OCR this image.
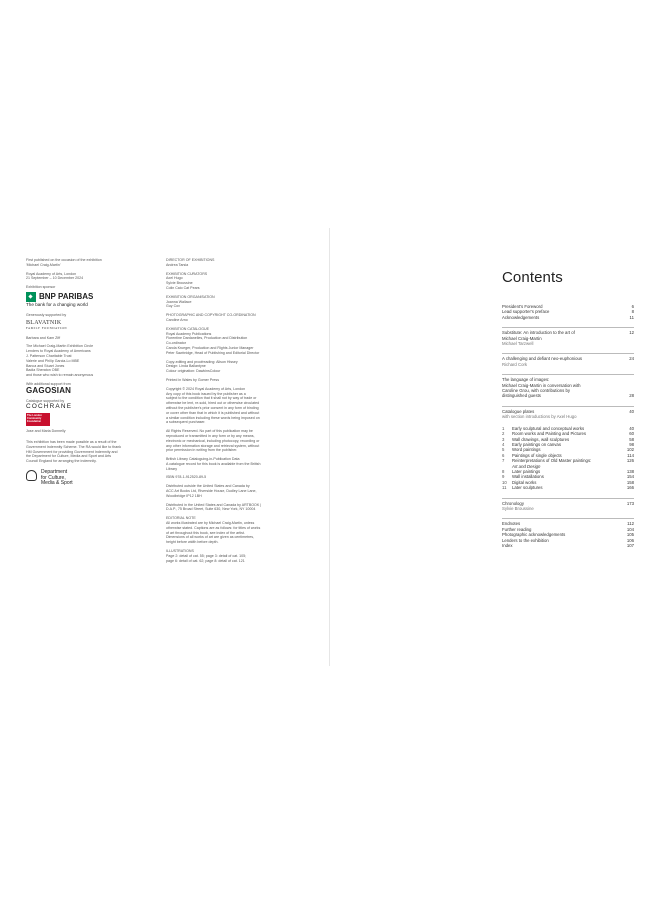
First published on the occasion of the exhibition

'Michael Craig-Martin'

Royal Academy of Arts, London

21 September – 10 December 2024

Exhibition sponsor

BNP PARIBAS
The bank for a changing world

Generously supported by

BLAVATNIK
FAMILY FOUNDATION

Barbara and Kam Ziff

The Michael Craig-Martin Exhibition Circle

Lenders to Royal Academy of Americans

J. Patterson Charitable Trust

Valerie and Philip Garcia-Lo MBE

Banca and Stuart Jones

Badia Sheraton OBE

and those who wish to remain anonymous

With additional support from

GAGOSIAN

Catalogue supported by

COCHRANE
The London Community Foundation

Jose and Maria Donnelly

This exhibition has been made possible as a result of the

Government Indemnity Scheme. The RA would like to thank

HM Government for providing Government Indemnity and

the Department for Culture, Media and Sport and Arts

Council England for arranging the indemnity.

Department

for Culture,

Media & Sport

DIRECTOR OF EXHIBITIONS

Andrea Tarsia

EXHIBITION CURATORS

Axel Hugo

Sylvie Broussine

Colin Caio Cat Pears

EXHIBITION ORGANISATION

Joanna Wallace

Guy Cox

PHOTOGRAPHIC AND COPYRIGHT CO-ORDINATION

Caroline Arno

EXHIBITION CATALOGUE

Royal Academy Publications

Florentine Dardanelles, Production and Distribution

Co-ordinator

Carola Krueger, Production and Rights Junior Manager

Peter Sawbridge, Head of Publishing and Editorial Director

Copy-editing and proofreading: Alison Hissey

Design: Linda Ballantyne

Colour origination: DawkinsColour

Printed in Wales by Gomer Press

Copyright © 2024 Royal Academy of Arts, London

Any copy of this book issued by the publisher as a

subject to the condition that it shall not by way of trade or

otherwise be lent, re-sold, hired out or otherwise circulated

without the publisher's prior consent in any form of binding

or cover other than that in which it is published and without

a similar condition including these words being imposed on

a subsequent purchaser.

All Rights Reserved. No part of this publication may be

reproduced or transmitted in any form or by any means,

electronic or mechanical, including photocopy, recording or

any other information storage and retrieval system, without

prior permission in writing from the publisher.

British Library Cataloguing-in-Publication Data

A catalogue record for this book is available from the British

Library

ISBN 978-1-912520-89-5

Distributed outside the United States and Canada by

ACC Art Books Ltd, Riverside House, Dudley Lane Lane,

Woodbridge IP12 1BH

Distributed in the United States and Canada by ARTBOOK |

D.A.P., 75 Broad Street, Suite 630, New York, NY 10004

EDITORIAL NOTE

All works illustrated are by Michael Craig-Martin, unless

otherwise stated. Captions are as follows: for titles of works

of art throughout this book, see index of the artist.

Dimensions of all works of art are given as centimetres,

height before width before depth.

ILLUSTRATIONS

Page 2: detail of cat. 55; page 3: detail of cat. 105;

page 6: detail of cat. 62; page 8: detail of cat. 121

Contents
President's Foreword	6
Lead supporter's preface	8
Acknowledgements	11
Substitute: An introduction to the art of	12
Michael Craig-Martin
Michael Tarzwell
A challenging and defiant neo-euphonious	24
Richard Cork
The language of images:
Michael Craig-Martin in conversation with
Caroline Grou, with contributions by
distinguished guests	28
Catalogue plates	40
with section introductions by Axel Hugo
1	Early sculptural and conceptual works	40
2	Room works and Painting and Pictures	60
3	Wall drawings, wall sculptures	58
4	Early paintings on canvas	98
5	Word paintings	102
6	Paintings of single objects	114
7	Reinterpretations of Old Master paintings:	126
Art and Design
8	Later paintings	138
9	Wall installations	154
10	Digital works	158
11	Later sculptures	166
Chronology	173
Sylvie Broussine
Endnotes	112
Further reading	104
Photographic acknowledgements	105
Lenders to the exhibition	106
Index	107
